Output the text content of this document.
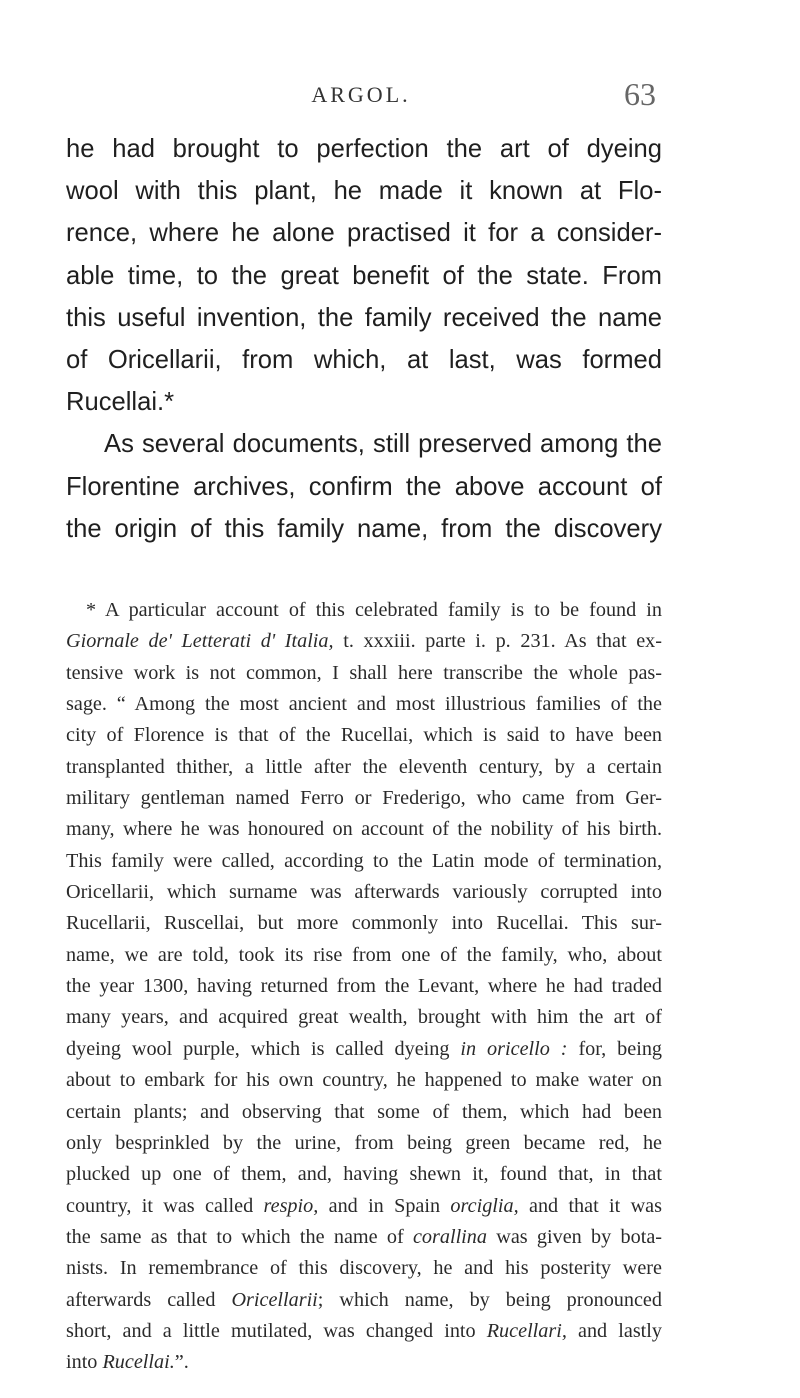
ARGOL.	63

he had brought to perfection the art of dyeing
wool with this plant, he made it known at Flo-
rence, where he alone practised it for a consider-
able time, to the great benefit of the state. From
this useful invention, the family received the name
of Oricellarii, from which, at last, was formed
Rucellai.*

As several documents, still preserved among the
Florentine archives, confirm the above account of
the origin of this family name, from the discovery

* A particular account of this celebrated family is to be found in
Giornale de' Letterati d' Italia, t. xxxiii. parte i. p. 231. As that ex-
tensive work is not common, I shall here transcribe the whole pas-
sage. “ Among the most ancient and most illustrious families of the
city of Florence is that of the Rucellai, which is said to have been
transplanted thither, a little after the eleventh century, by a certain
military gentleman named Ferro or Frederigo, who came from Ger-
many, where he was honoured on account of the nobility of his birth.
This family were called, according to the Latin mode of termination,
Oricellarii, which surname was afterwards variously corrupted into
Rucellarii, Ruscellai, but more commonly into Rucellai. This sur-
name, we are told, took its rise from one of the family, who, about
the year 1300, having returned from the Levant, where he had traded
many years, and acquired great wealth, brought with him the art of
dyeing wool purple, which is called dyeing in oricello : for, being
about to embark for his own country, he happened to make water on
certain plants; and observing that some of them, which had been
only besprinkled by the urine, from being green became red, he
plucked up one of them, and, having shewn it, found that, in that
country, it was called respio, and in Spain orciglia, and that it was
the same as that to which the name of corallina was given by bota-
nists. In remembrance of this discovery, he and his posterity were
afterwards called Oricellarii; which name, by being pronounced
short, and a little mutilated, was changed into Rucellari, and lastly
into Rucellai.”.
